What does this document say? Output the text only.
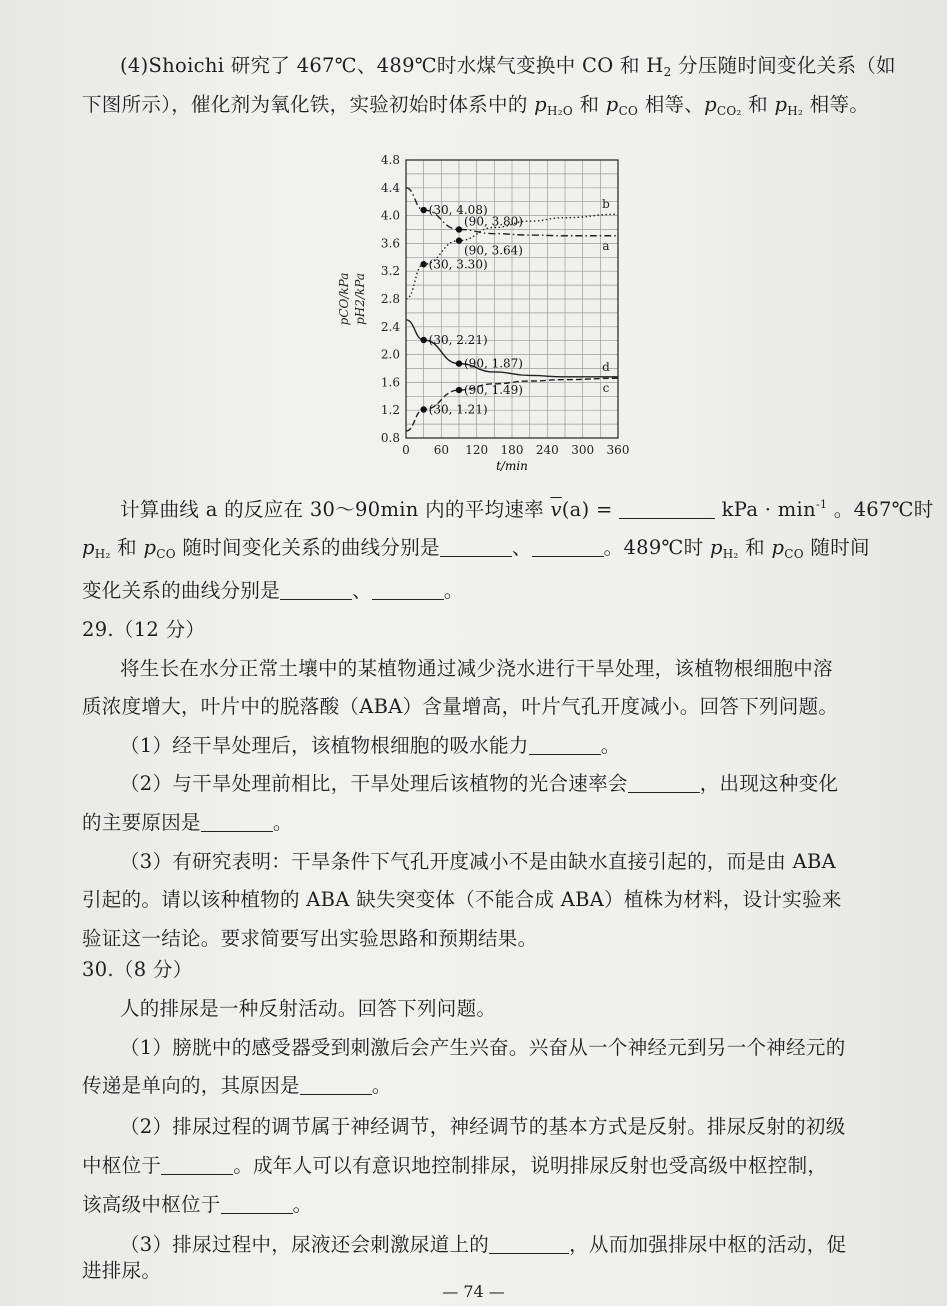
(4)Shoichi 研究了 467℃、489℃时水煤气变换中 CO 和 $H_2$ 分压随时间变化关系（如
下图所示），催化剂为氧化铁，实验初始时体系中的 $p_{H_2O}$ 和 $p_{CO}$ 相等、$p_{CO_2}$ 和 $p_{H_2}$ 相等。
a
b
c
d
(30, 4.08)
(90, 3.80)
(90, 3.64)
(30, 3.30)
(30, 2.21)
(90, 1.87)
(90, 1.49)
(30, 1.21)
0 60 120 180 240 300 360
0.8
1.2
1.6
2.0
2.4
2.8
3.2
3.6
4.0
4.4
4.8
t/min
pCO/kPa pH2/kPa
计算曲线 a 的反应在 30～90min 内的平均速率 $\overline{v}(a)$ =	kPa · $\min^{-1}$ 。467℃时
$p_{H_2}$ 和 $p_{CO}$ 随时间变化关系的曲线分别是	、	。489℃时 $p_{H_2}$ 和 $p_{CO}$ 随时间
变化关系的曲线分别是	、	。
29.（12 分）
将生长在水分正常土壤中的某植物通过减少浇水进行干旱处理，该植物根细胞中溶
质浓度增大，叶片中的脱落酸（ABA）含量增高，叶片气孔开度减小。回答下列问题。
（1）经干旱处理后，该植物根细胞的吸水能力	。
（2）与干旱处理前相比，干旱处理后该植物的光合速率会	，出现这种变化
的主要原因是	。
（3）有研究表明：干旱条件下气孔开度减小不是由缺水直接引起的，而是由 ABA
引起的。请以该种植物的 ABA 缺失突变体（不能合成 ABA）植株为材料，设计实验来
验证这一结论。要求简要写出实验思路和预期结果。
30.（8 分）
人的排尿是一种反射活动。回答下列问题。
（1）膀胱中的感受器受到刺激后会产生兴奋。兴奋从一个神经元到另一个神经元的
传递是单向的，其原因是	。
（2）排尿过程的调节属于神经调节，神经调节的基本方式是反射。排尿反射的初级
中枢位于	。成年人可以有意识地控制排尿，说明排尿反射也受高级中枢控制，
该高级中枢位于	。
（3）排尿过程中，尿液还会刺激尿道上的	，从而加强排尿中枢的活动，促
进排尿。
— 74 —
